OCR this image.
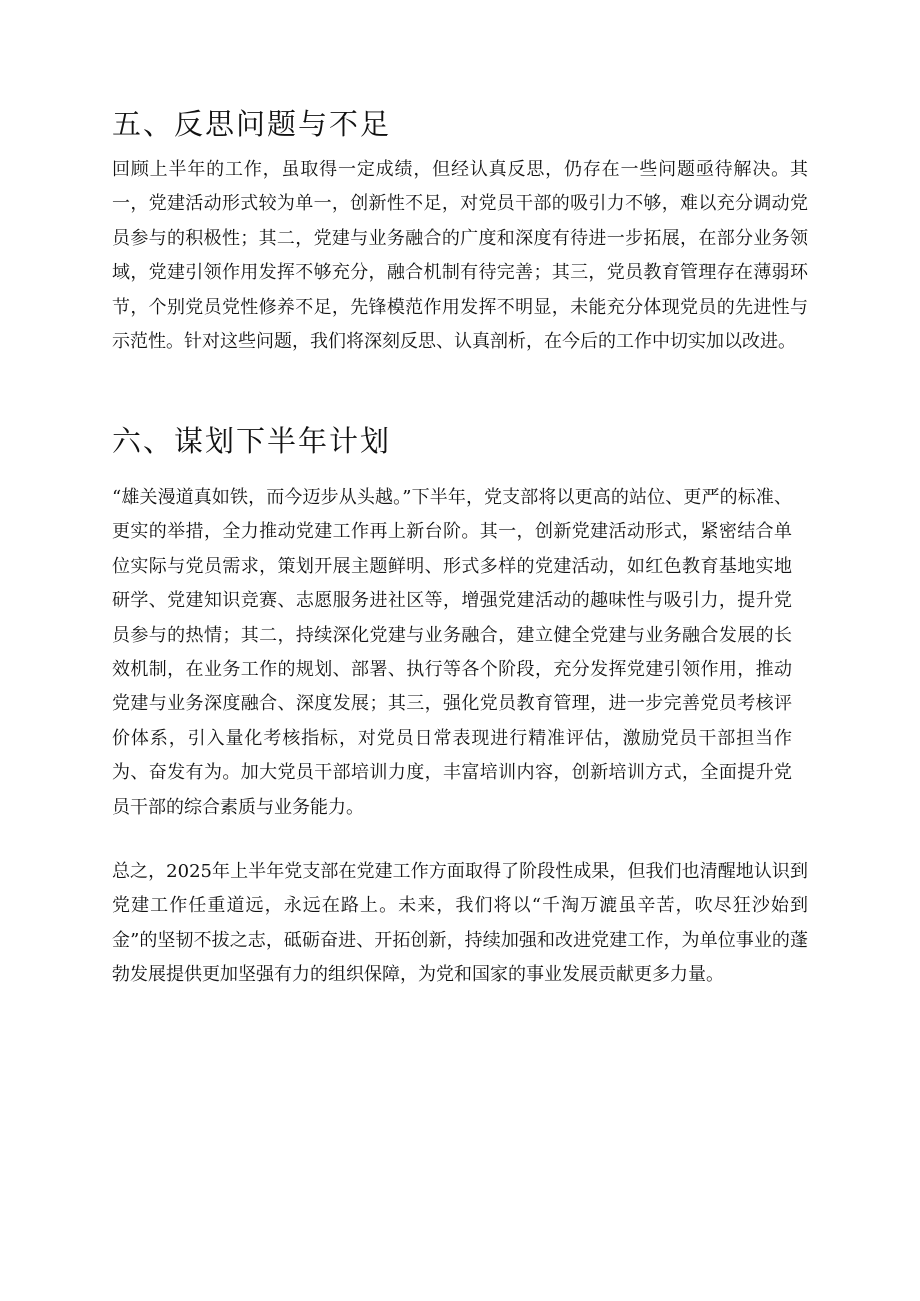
五、反思问题与不足

回顾上半年的工作，虽取得一定成绩，但经认真反思，仍存在一些问题亟待解决。其一，党建活动形式较为单一，创新性不足，对党员干部的吸引力不够，难以充分调动党员参与的积极性；其二，党建与业务融合的广度和深度有待进一步拓展，在部分业务领域，党建引领作用发挥不够充分，融合机制有待完善；其三，党员教育管理存在薄弱环节，个别党员党性修养不足，先锋模范作用发挥不明显，未能充分体现党员的先进性与示范性。针对这些问题，我们将深刻反思、认真剖析，在今后的工作中切实加以改进。

六、谋划下半年计划

“雄关漫道真如铁，而今迈步从头越。”下半年，党支部将以更高的站位、更严的标准、更实的举措，全力推动党建工作再上新台阶。其一，创新党建活动形式，紧密结合单位实际与党员需求，策划开展主题鲜明、形式多样的党建活动，如红色教育基地实地研学、党建知识竞赛、志愿服务进社区等，增强党建活动的趣味性与吸引力，提升党员参与的热情；其二，持续深化党建与业务融合，建立健全党建与业务融合发展的长效机制，在业务工作的规划、部署、执行等各个阶段，充分发挥党建引领作用，推动党建与业务深度融合、深度发展；其三，强化党员教育管理，进一步完善党员考核评价体系，引入量化考核指标，对党员日常表现进行精准评估，激励党员干部担当作为、奋发有为。加大党员干部培训力度，丰富培训内容，创新培训方式，全面提升党员干部的综合素质与业务能力。

总之，2025年上半年党支部在党建工作方面取得了阶段性成果，但我们也清醒地认识到党建工作任重道远，永远在路上。未来，我们将以“千淘万漉虽辛苦，吹尽狂沙始到金”的坚韧不拔之志，砥砺奋进、开拓创新，持续加强和改进党建工作，为单位事业的蓬勃发展提供更加坚强有力的组织保障，为党和国家的事业发展贡献更多力量。
